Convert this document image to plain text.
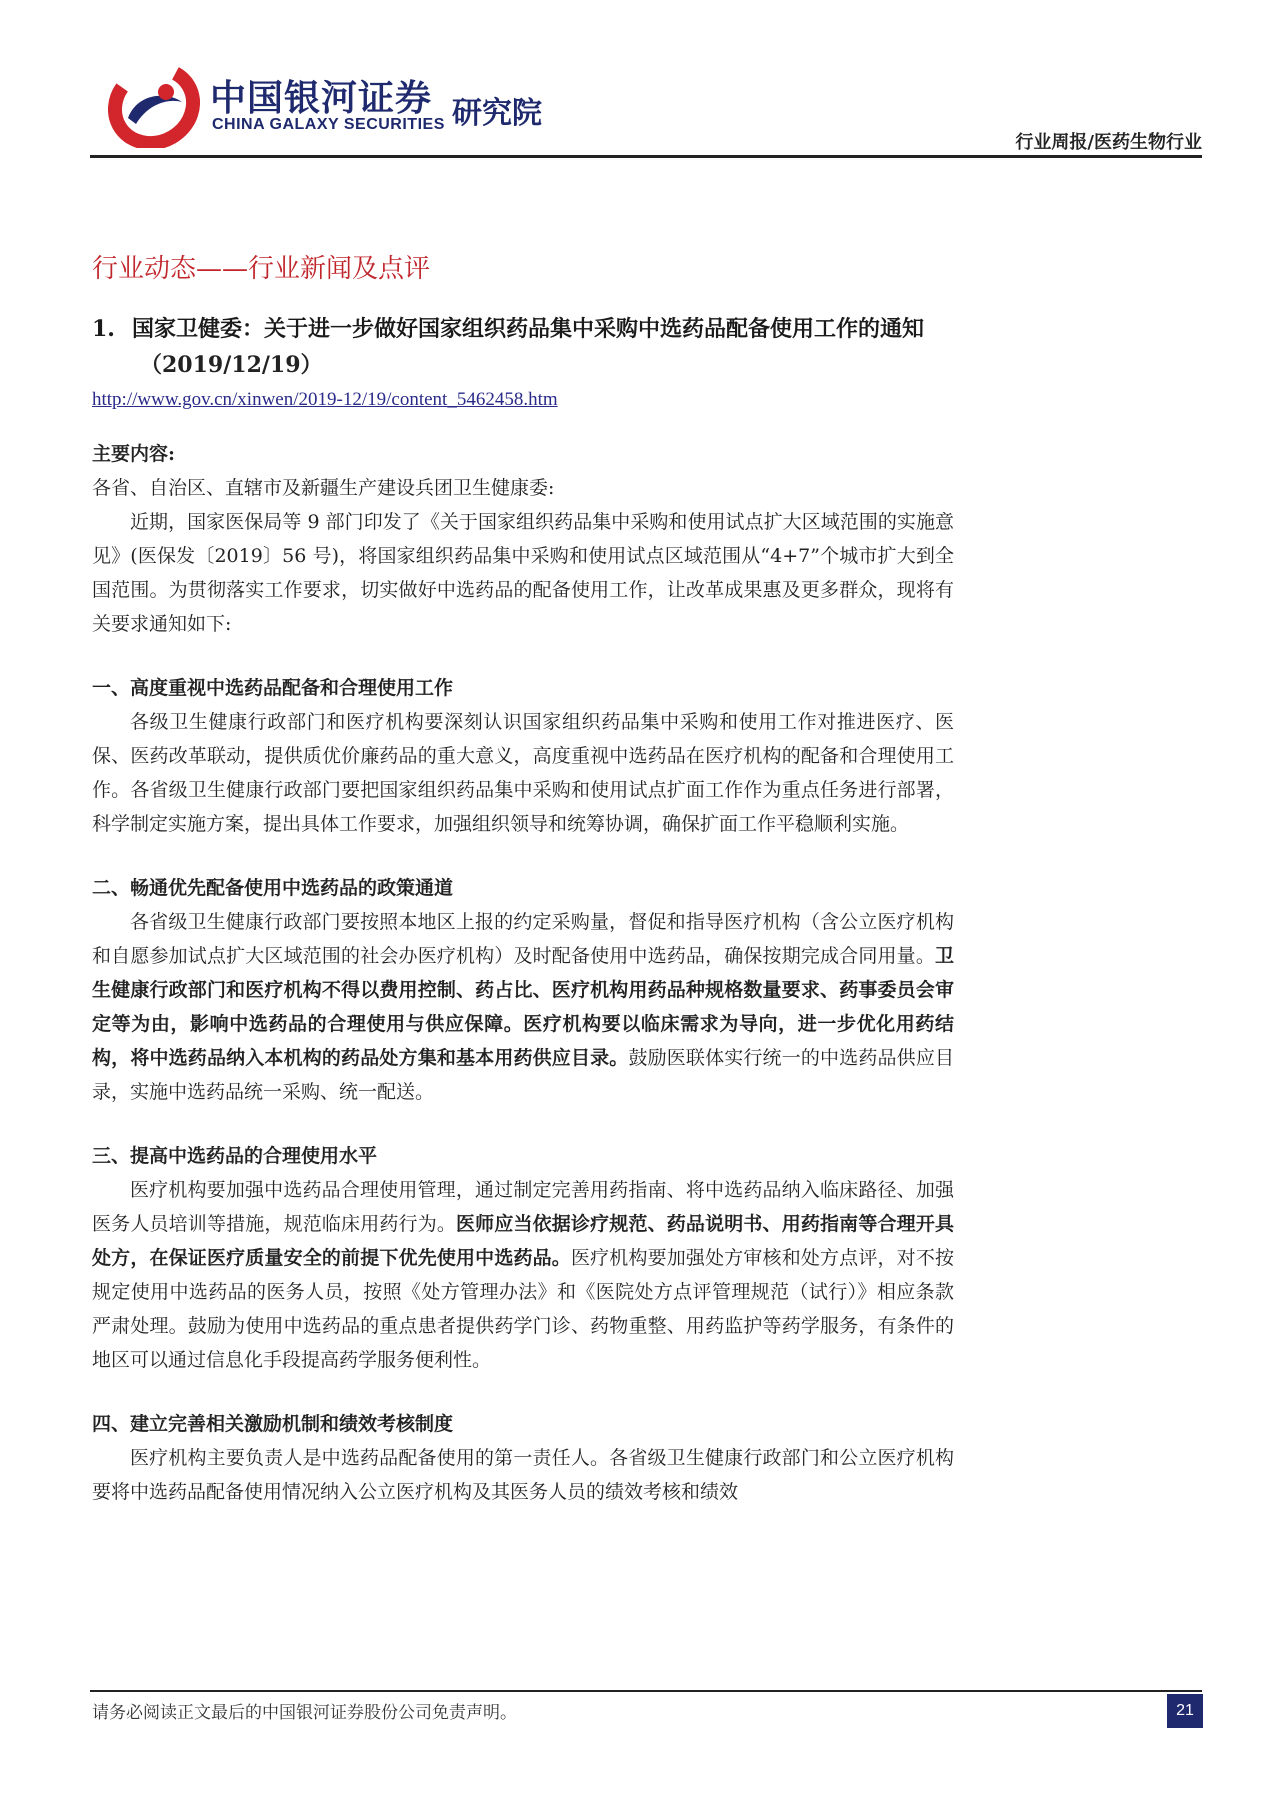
中国银河证券
CHINA GALAXY SECURITIES 研究院
行业周报/医药生物行业
行业动态——行业新闻及点评
1. 国家卫健委：关于进一步做好国家组织药品集中采购中选药品配备使用工作的通知
（2019/12/19）
http://www.gov.cn/xinwen/2019-12/19/content_5462458.htm
主要内容:

各省、自治区、直辖市及新疆生产建设兵团卫生健康委:

近期，国家医保局等 9 部门印发了《关于国家组织药品集中采购和使用试点扩大区域范围的实施意见》(医保发〔2019〕56 号)，将国家组织药品集中采购和使用试点区域范围从“4+7”个城市扩大到全国范围。为贯彻落实工作要求，切实做好中选药品的配备使用工作，让改革成果惠及更多群众，现将有关要求通知如下:

一、高度重视中选药品配备和合理使用工作

各级卫生健康行政部门和医疗机构要深刻认识国家组织药品集中采购和使用工作对推进医疗、医保、医药改革联动，提供质优价廉药品的重大意义，高度重视中选药品在医疗机构的配备和合理使用工作。各省级卫生健康行政部门要把国家组织药品集中采购和使用试点扩面工作作为重点任务进行部署，科学制定实施方案，提出具体工作要求，加强组织领导和统筹协调，确保扩面工作平稳顺利实施。

二、畅通优先配备使用中选药品的政策通道

各省级卫生健康行政部门要按照本地区上报的约定采购量，督促和指导医疗机构（含公立医疗机构和自愿参加试点扩大区域范围的社会办医疗机构）及时配备使用中选药品，确保按期完成合同用量。卫生健康行政部门和医疗机构不得以费用控制、药占比、医疗机构用药品种规格数量要求、药事委员会审定等为由，影响中选药品的合理使用与供应保障。医疗机构要以临床需求为导向，进一步优化用药结构，将中选药品纳入本机构的药品处方集和基本用药供应目录。鼓励医联体实行统一的中选药品供应目录，实施中选药品统一采购、统一配送。

三、提高中选药品的合理使用水平

医疗机构要加强中选药品合理使用管理，通过制定完善用药指南、将中选药品纳入临床路径、加强医务人员培训等措施，规范临床用药行为。医师应当依据诊疗规范、药品说明书、用药指南等合理开具处方，在保证医疗质量安全的前提下优先使用中选药品。医疗机构要加强处方审核和处方点评，对不按规定使用中选药品的医务人员，按照《处方管理办法》和《医院处方点评管理规范（试行）》相应条款严肃处理。鼓励为使用中选药品的重点患者提供药学门诊、药物重整、用药监护等药学服务，有条件的地区可以通过信息化手段提高药学服务便利性。

四、建立完善相关激励机制和绩效考核制度

医疗机构主要负责人是中选药品配备使用的第一责任人。各省级卫生健康行政部门和公立医疗机构要将中选药品配备使用情况纳入公立医疗机构及其医务人员的绩效考核和绩效

请务必阅读正文最后的中国银河证券股份公司免责声明。	21
